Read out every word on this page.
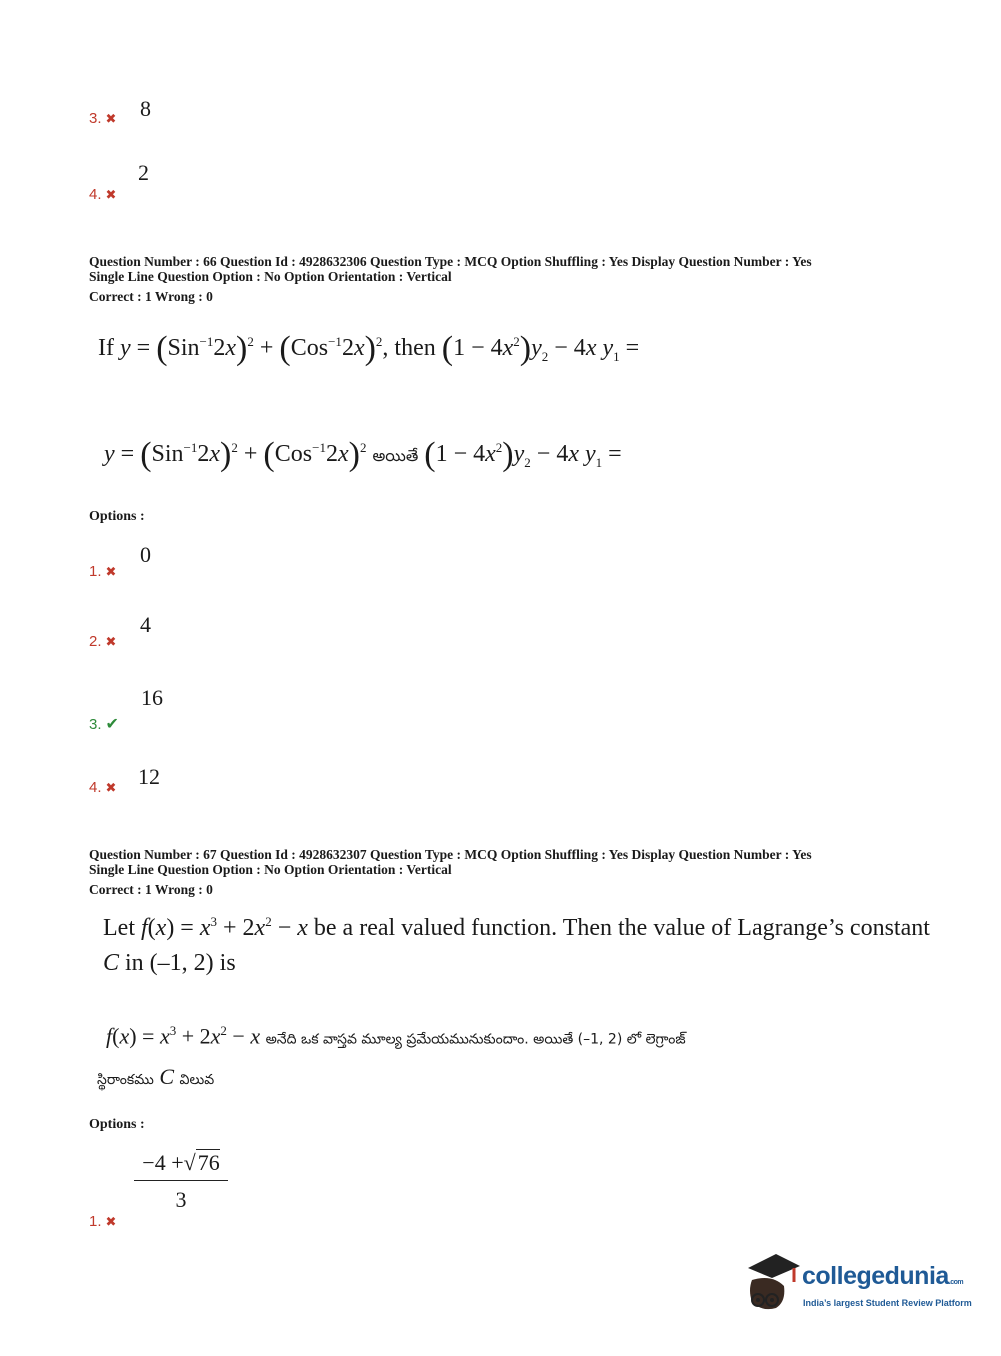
8
3. ✖
2
4. ✖
Question Number : 66 Question Id : 4928632306 Question Type : MCQ Option Shuffling : Yes Display Question Number : Yes
Single Line Question Option : No Option Orientation : Vertical
Correct : 1 Wrong : 0
If $y = (Sin^{-1}2x)^2 + (Cos^{-1}2x)^2$, then $(1 - 4x^2)y_2 - 4x$ $y_1$ =
$y = (Sin^{-1}2x)^2 + (Cos^{-1}2x)^2$ అయితే $(1 - 4x^2)y_2 - 4x$ $y_1$ =
Options :
0
1. ✖
4
2. ✖
16
3. ✔
12
4. ✖
Question Number : 67 Question Id : 4928632307 Question Type : MCQ Option Shuffling : Yes Display Question Number : Yes
Single Line Question Option : No Option Orientation : Vertical
Correct : 1 Wrong : 0
Let $f(x) = x^3 + 2x^2 - x$ be a real valued function. Then the value of Lagrange’s constant
C in (–1, 2) is
$f(x) = x^3 + 2x^2 - x$ అనేది ఒక వాస్తవ మూల్య ప్రమేయమునుకుందాం. అయితే (–1, 2) లో లెగ్రాంజ్
స్థిరాంకము C విలువ
Options :
$\frac{-4 +√76}{3}$
1. ✖
collegedunia.com
India’s largest Student Review Platform
